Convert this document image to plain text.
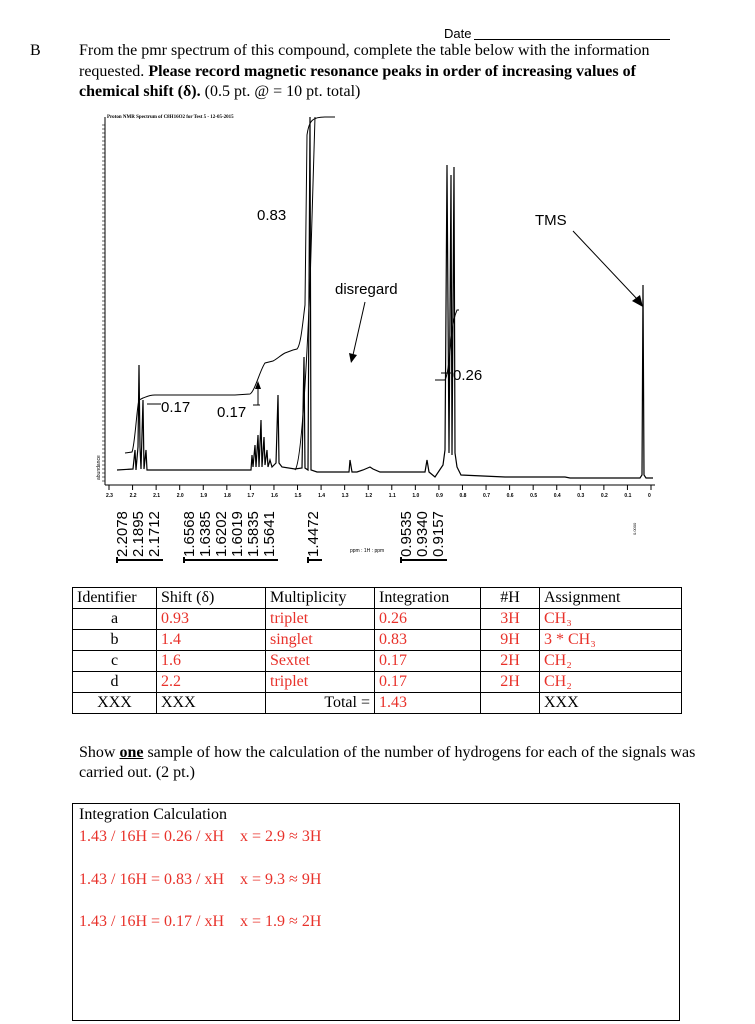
Date
B From the pmr spectrum of this compound, complete the table below with the information requested. Please record magnetic resonance peaks in order of increasing values of chemical shift (δ). (0.5 pt. @ = 10 pt. total)
Proton NMR Spectrum of C8H16O2 for Test 5 - 12-05-2015
abundance
2.3	2.2	2.1	2.0	1.9	1.8	1.7	1.6	1.5	1.4	1.3	1.2	1.1	1.0	0.9	0.8	0.7	0.6	0.5	0.4	0.3	0.2	0.1	0
ppm : 1H : ppm
0.83	TMS
disregard
0.26
0.17 0.17
2.2078 2.1895 2.1712 1.6568 1.6385 1.6202 1.6019 1.5835 1.5641 1.4472	0.9535 0.9340 0.9157	0.0000
Identifier	Shift (δ)	Multiplicity	Integration	#H	Assignment
a	0.93	triplet	0.26	3H	CH₃
b	1.4	singlet	0.83	9H	3 * CH₃
c	1.6	Sextet	0.17	2H	CH₂
d	2.2	triplet	0.17	2H	CH₂
XXX	XXX	Total =	1.43		XXX
Show one sample of how the calculation of the number of hydrogens for each of the signals was carried out. (2 pt.)
Integration Calculation
1.43 / 16H = 0.26 / xH    x = 2.9 ≈ 3H
1.43 / 16H = 0.83 / xH    x = 9.3 ≈ 9H
1.43 / 16H = 0.17 / xH    x = 1.9 ≈ 2H
